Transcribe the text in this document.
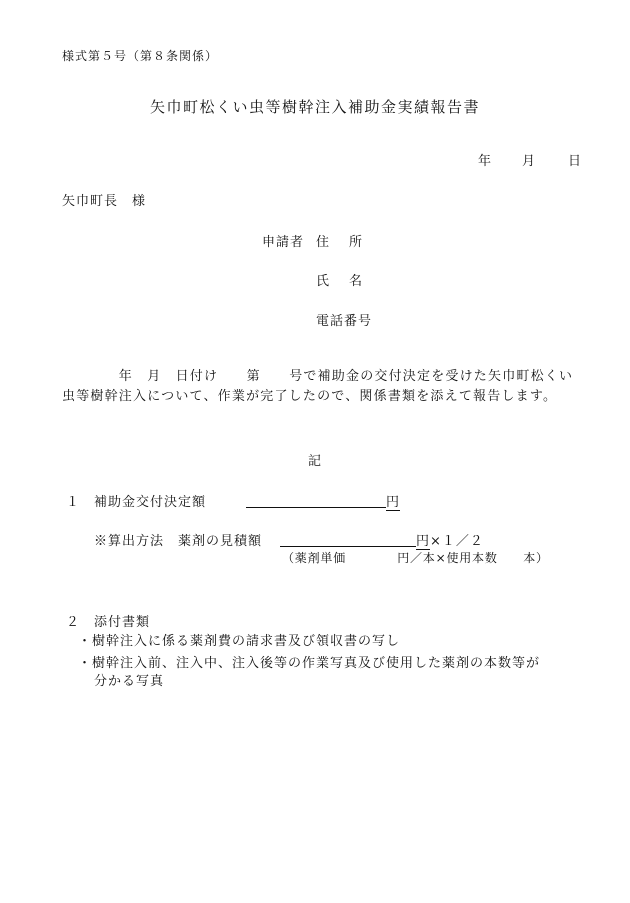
様式第５号（第８条関係）
矢巾町松くい虫等樹幹注入補助金実績報告書
年 月 日
矢巾町長　様
申請者 住所
氏名
電話番号
　　　　年　月　日付け　　第　　号で補助金の交付決定を受けた矢巾町松くい虫等樹幹注入について、作業が完了したので、関係書類を添えて報告します。
記
１ 補助金交付決定額	円
※算出方法　薬剤の見積額	円×１／２
（薬剤単価　　　　円／本×使用本数　　本）
２ 添付書類
・樹幹注入に係る薬剤費の請求書及び領収書の写し
・樹幹注入前、注入中、注入後等の作業写真及び使用した薬剤の本数等が
分かる写真
